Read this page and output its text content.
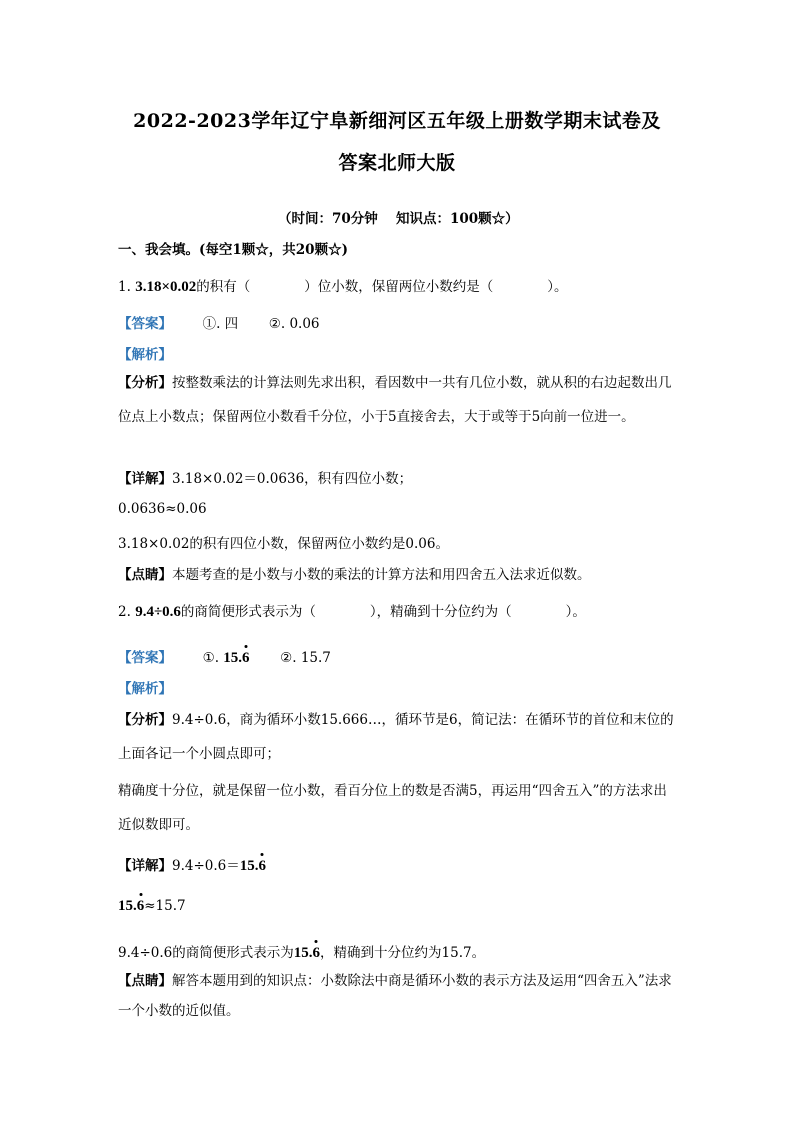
2022-2023学年辽宁阜新细河区五年级上册数学期末试卷及
答案北师大版
（时间：70分钟　 知识点：100颗☆）
一、我会填。(每空1颗☆，共20颗☆)
1. 3.18×0.02的积有（　　　　）位小数，保留两位小数约是（　　　　）。
【答案】 ①. 四 ②. 0.06
【解析】
【分析】按整数乘法的计算法则先求出积，看因数中一共有几位小数，就从积的右边起数出几位点上小数点；保留两位小数看千分位，小于5直接舍去，大于或等于5向前一位进一。
【详解】3.18×0.02＝0.0636，积有四位小数；
0.0636≈0.06
3.18×0.02的积有四位小数，保留两位小数约是0.06。
【点睛】本题考查的是小数与小数的乘法的计算方法和用四舍五入法求近似数。
2. 9.4÷0.6的商简便形式表示为（　　　　），精确到十分位约为（　　　　）。
【答案】 ①. 15.
6 ②. 15.7
【解析】
【分析】9.4÷0.6，商为循环小数15.666…，循环节是6，简记法：在循环节的首位和末位的上面各记一个小圆点即可；
精确度十分位，就是保留一位小数，看百分位上的数是否满5，再运用“四舍五入”的方法求出近似数即可。
【详解】9.4÷0.6＝15.
6
15.
6≈15.7
9.4÷0.6的商简便形式表示为15.
6，精确到十分位约为15.7。
【点睛】解答本题用到的知识点：小数除法中商是循环小数的表示方法及运用“四舍五入”法求一个小数的近似值。
